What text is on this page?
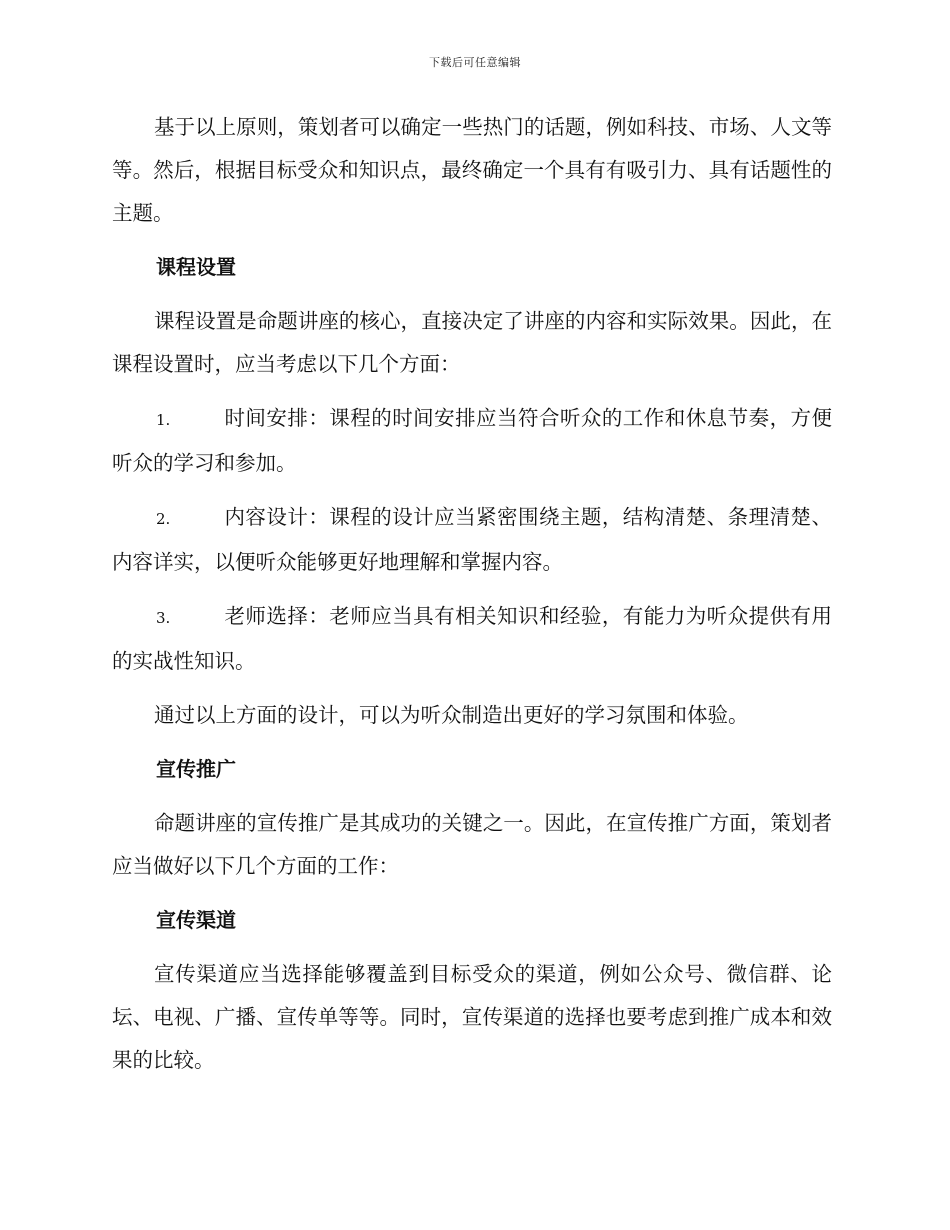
下载后可任意编辑

基于以上原则，策划者可以确定一些热门的话题，例如科技、市场、人文等等。然后，根据目标受众和知识点，最终确定一个具有有吸引力、具有话题性的主题。

课程设置

课程设置是命题讲座的核心，直接决定了讲座的内容和实际效果。因此，在课程设置时，应当考虑以下几个方面：

1.	时间安排：课程的时间安排应当符合听众的工作和休息节奏，方便听众的学习和参加。
2.	内容设计：课程的设计应当紧密围绕主题，结构清楚、条理清楚、内容详实，以便听众能够更好地理解和掌握内容。
3.	老师选择：老师应当具有相关知识和经验，有能力为听众提供有用的实战性知识。

通过以上方面的设计，可以为听众制造出更好的学习氛围和体验。

宣传推广

命题讲座的宣传推广是其成功的关键之一。因此，在宣传推广方面，策划者应当做好以下几个方面的工作：

宣传渠道

宣传渠道应当选择能够覆盖到目标受众的渠道，例如公众号、微信群、论坛、电视、广播、宣传单等等。同时，宣传渠道的选择也要考虑到推广成本和效果的比较。
